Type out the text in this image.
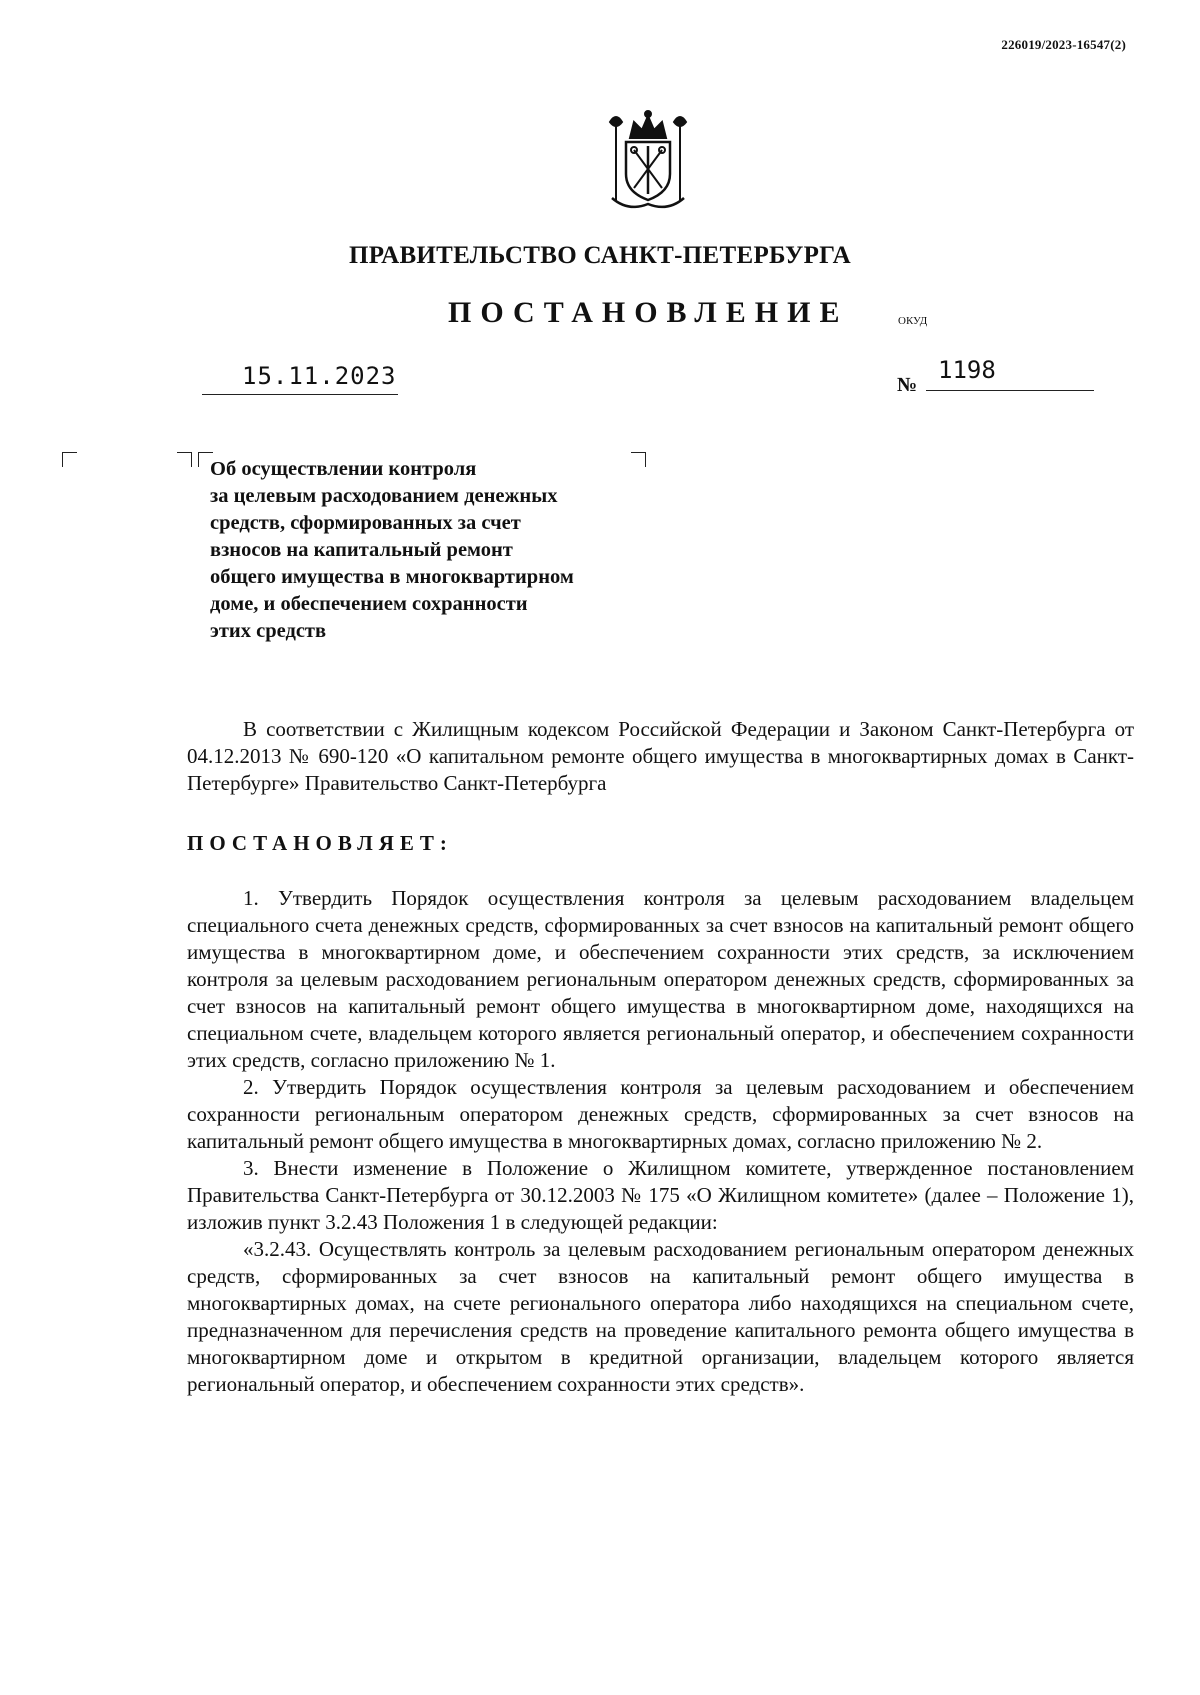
226019/2023-16547(2)
ПРАВИТЕЛЬСТВО САНКТ-ПЕТЕРБУРГА
ПОСТАНОВЛЕНИЕ	ОКУД
15.11.2023	№
1198
Об осуществлении контроля
за целевым расходованием денежных
средств, сформированных за счет
взносов на капитальный ремонт
общего имущества в многоквартирном
доме, и обеспечением сохранности
этих средств

В соответствии с Жилищным кодексом Российской Федерации и Законом Санкт-Петербурга от 04.12.2013 № 690-120 «О капитальном ремонте общего имущества в многоквартирных домах в Санкт-Петербурге» Правительство Санкт-Петербурга

ПОСТАНОВЛЯЕТ:

1. Утвердить Порядок осуществления контроля за целевым расходованием владельцем специального счета денежных средств, сформированных за счет взносов на капитальный ремонт общего имущества в многоквартирном доме, и обеспечением сохранности этих средств, за исключением контроля за целевым расходованием региональным оператором денежных средств, сформированных за счет взносов на капитальный ремонт общего имущества в многоквартирном доме, находящихся на специальном счете, владельцем которого является региональный оператор, и обеспечением сохранности этих средств, согласно приложению № 1.

2. Утвердить Порядок осуществления контроля за целевым расходованием и обеспечением сохранности региональным оператором денежных средств, сформированных за счет взносов на капитальный ремонт общего имущества в многоквартирных домах, согласно приложению № 2.

3. Внести изменение в Положение о Жилищном комитете, утвержденное постановлением Правительства Санкт-Петербурга от 30.12.2003 № 175 «О Жилищном комитете» (далее – Положение 1), изложив пункт 3.2.43 Положения 1 в следующей редакции:

«3.2.43. Осуществлять контроль за целевым расходованием региональным оператором денежных средств, сформированных за счет взносов на капитальный ремонт общего имущества в многоквартирных домах, на счете регионального оператора либо находящихся на специальном счете, предназначенном для перечисления средств на проведение капитального ремонта общего имущества в многоквартирном доме и открытом в кредитной организации, владельцем которого является региональный оператор, и обеспечением сохранности этих средств».
